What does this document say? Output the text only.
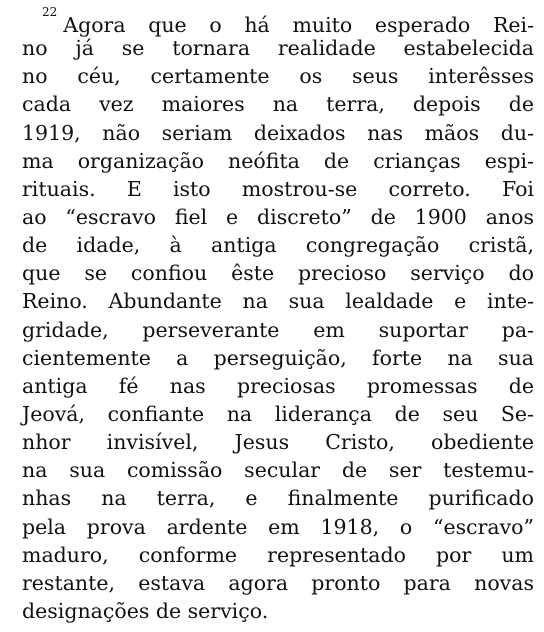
$^{22}$Agora que o há muito esperado Rei-
no já se tornara realidade estabelecida
no céu, certamente os seus interêsses
cada vez maiores na terra, depois de
1919, não seriam deixados nas mãos du-
ma organização neófita de crianças espi-
rituais. E isto mostrou-se correto. Foi
ao “escravo fiel e discreto” de 1900 anos
de idade, à antiga congregação cristã,
que se confiou êste precioso serviço do
Reino. Abundante na sua lealdade e inte-
gridade, perseverante em suportar pa-
cientemente a perseguição, forte na sua
antiga fé nas preciosas promessas de
Jeová, confiante na liderança de seu Se-
nhor invisível, Jesus Cristo, obediente
na sua comissão secular de ser testemu-
nhas na terra, e finalmente purificado
pela prova ardente em 1918, o “escravo”
maduro, conforme representado por um
restante, estava agora pronto para novas
designações de serviço.
